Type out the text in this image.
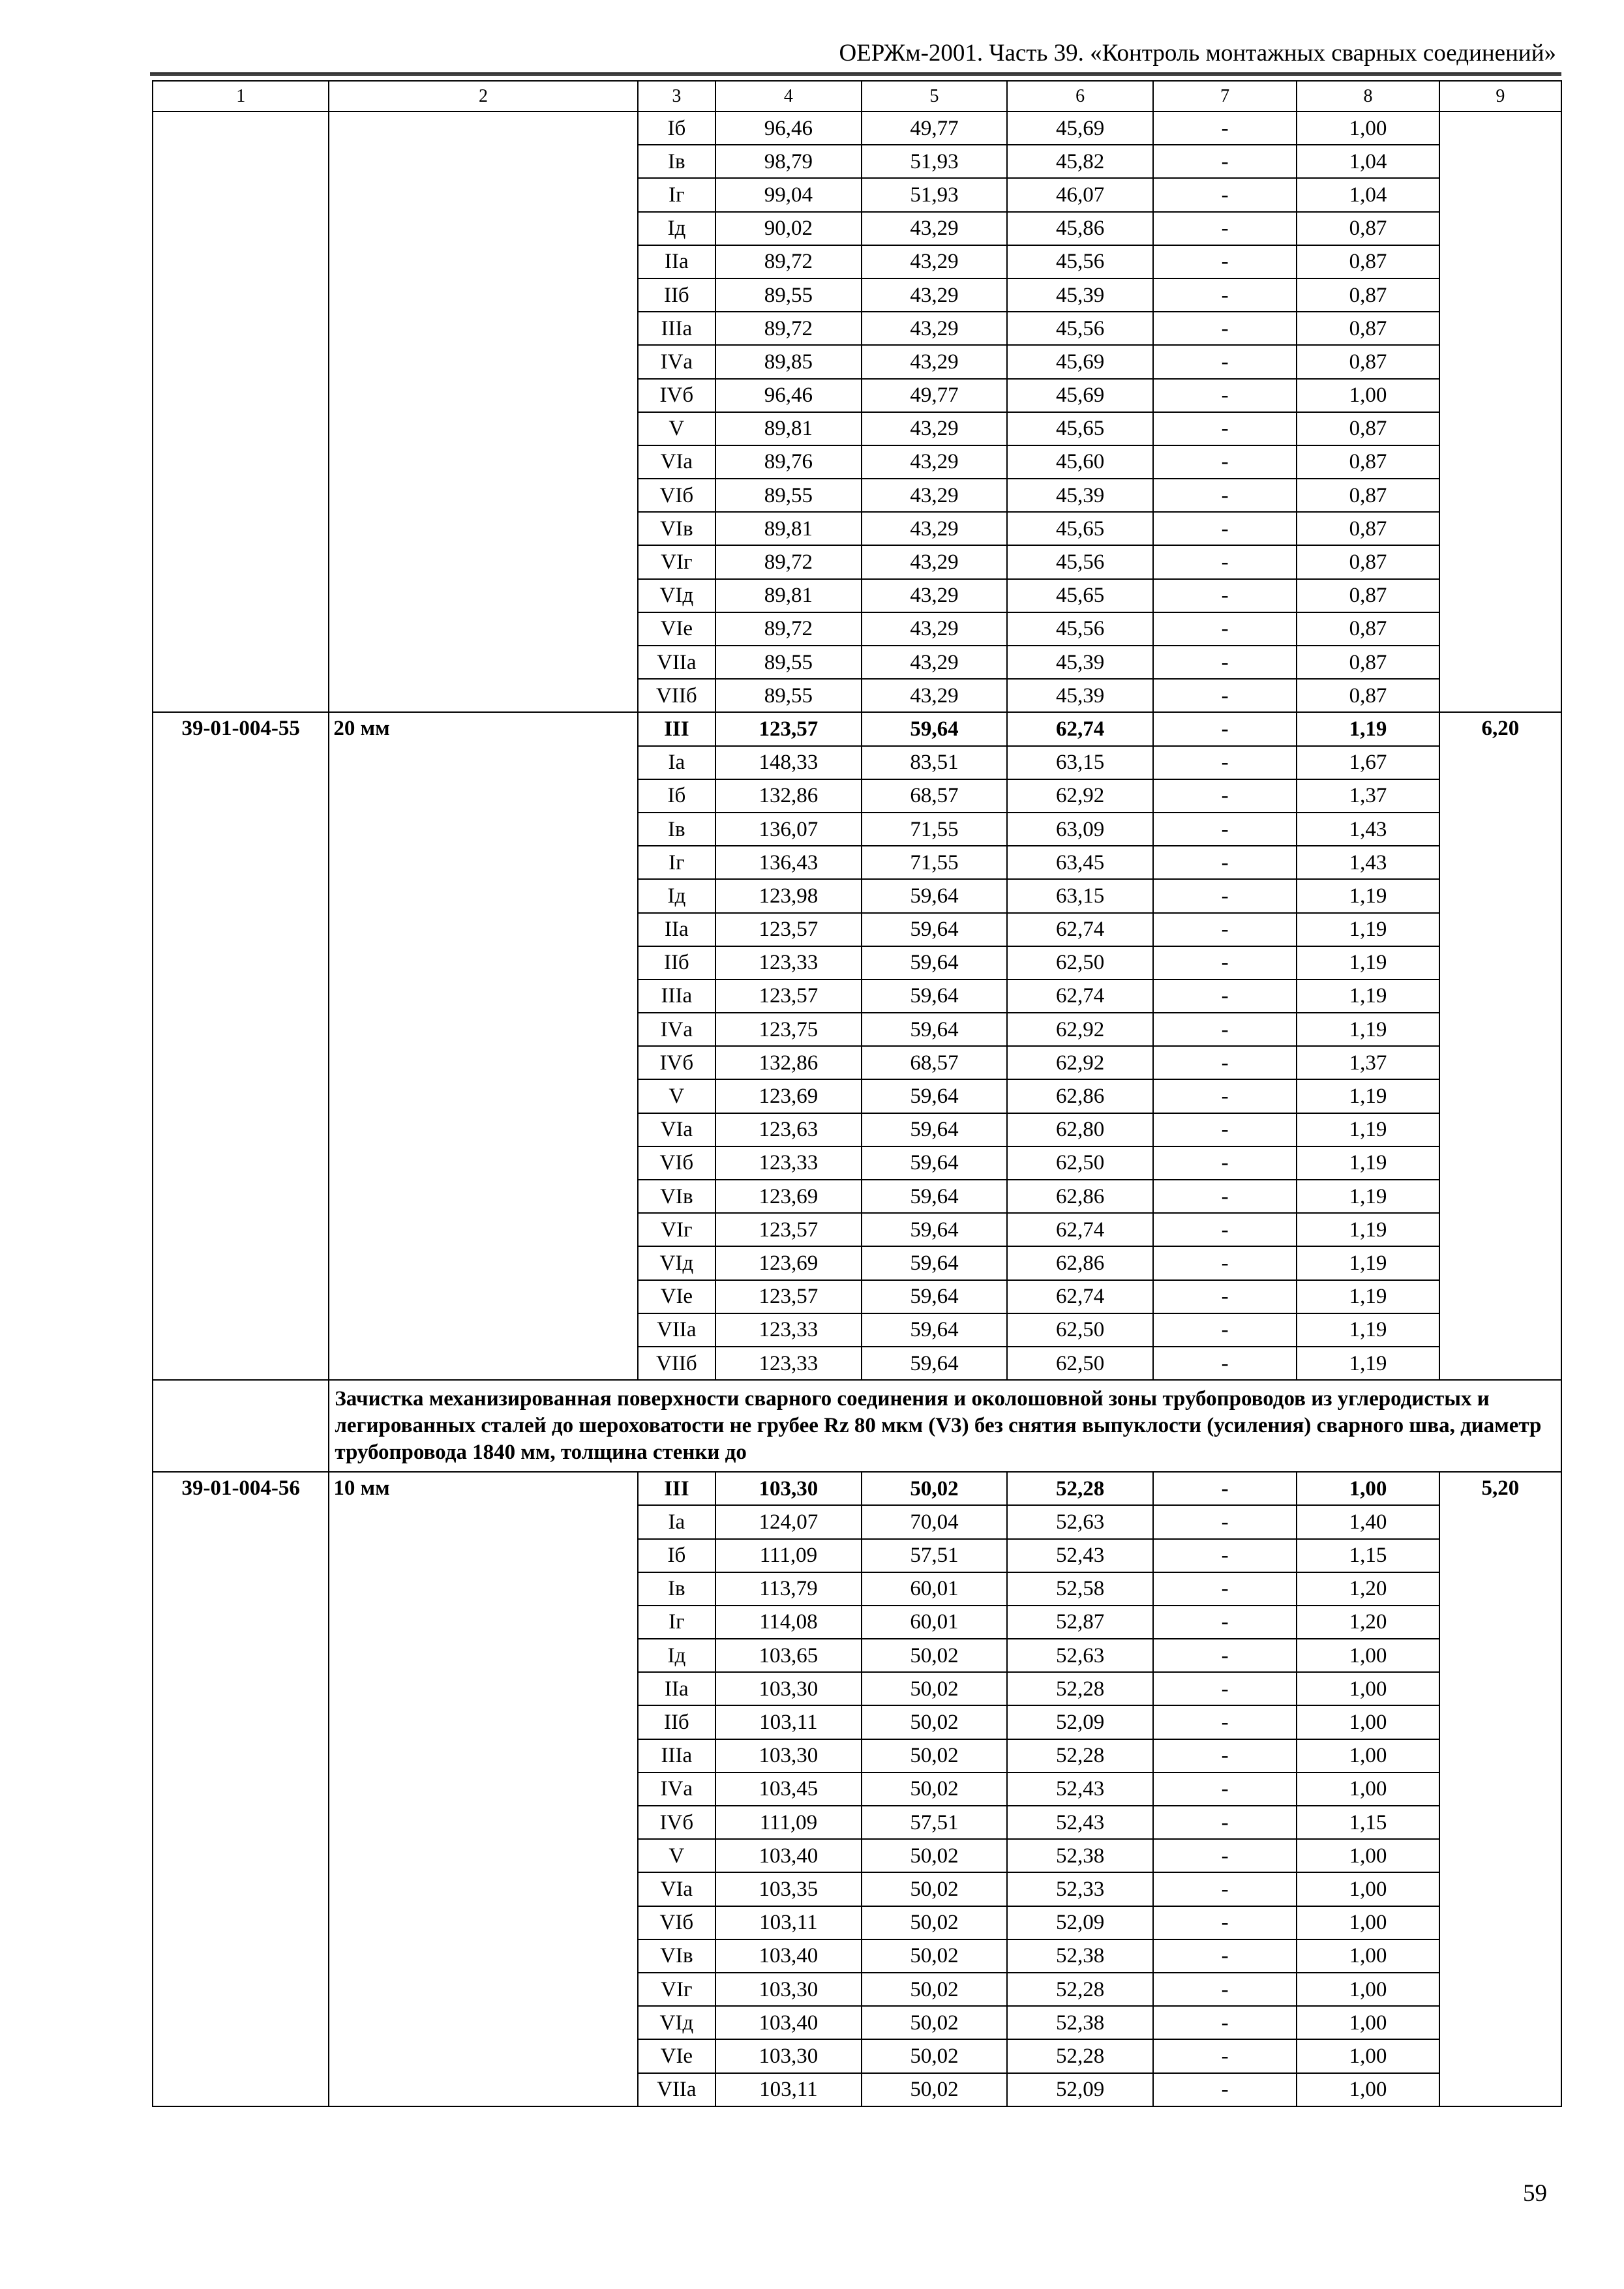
ОЕРЖм-2001. Часть 39. «Контроль монтажных сварных соединений»
1	2	3	4	5	6	7	8	9
		Iб	96,46	49,77	45,69	-	1,00	
		Iв	98,79	51,93	45,82	-	1,04	
		Iг	99,04	51,93	46,07	-	1,04	
		Iд	90,02	43,29	45,86	-	0,87	
		IIа	89,72	43,29	45,56	-	0,87	
		IIб	89,55	43,29	45,39	-	0,87	
		IIIа	89,72	43,29	45,56	-	0,87	
		IVа	89,85	43,29	45,69	-	0,87	
		IVб	96,46	49,77	45,69	-	1,00	
		V	89,81	43,29	45,65	-	0,87	
		VIа	89,76	43,29	45,60	-	0,87	
		VIб	89,55	43,29	45,39	-	0,87	
		VIв	89,81	43,29	45,65	-	0,87	
		VIг	89,72	43,29	45,56	-	0,87	
		VIд	89,81	43,29	45,65	-	0,87	
		VIе	89,72	43,29	45,56	-	0,87	
		VIIа	89,55	43,29	45,39	-	0,87	
		VIIб	89,55	43,29	45,39	-	0,87	
39-01-004-55	20 мм	III	123,57	59,64	62,74	-	1,19	6,20
		Iа	148,33	83,51	63,15	-	1,67	
		Iб	132,86	68,57	62,92	-	1,37	
		Iв	136,07	71,55	63,09	-	1,43	
		Iг	136,43	71,55	63,45	-	1,43	
		Iд	123,98	59,64	63,15	-	1,19	
		IIа	123,57	59,64	62,74	-	1,19	
		IIб	123,33	59,64	62,50	-	1,19	
		IIIа	123,57	59,64	62,74	-	1,19	
		IVа	123,75	59,64	62,92	-	1,19	
		IVб	132,86	68,57	62,92	-	1,37	
		V	123,69	59,64	62,86	-	1,19	
		VIа	123,63	59,64	62,80	-	1,19	
		VIб	123,33	59,64	62,50	-	1,19	
		VIв	123,69	59,64	62,86	-	1,19	
		VIг	123,57	59,64	62,74	-	1,19	
		VIд	123,69	59,64	62,86	-	1,19	
		VIе	123,57	59,64	62,74	-	1,19	
		VIIа	123,33	59,64	62,50	-	1,19	
		VIIб	123,33	59,64	62,50	-	1,19	
	Зачистка механизированная поверхности сварного соединения и околошовной зоны трубопроводов из углеродистых и легированных сталей до шероховатости не грубее Rz 80 мкм (V3) без снятия выпуклости (усиления) сварного шва, диаметр трубопровода 1840 мм, толщина стенки до							
39-01-004-56	10 мм	III	103,30	50,02	52,28	-	1,00	5,20
		Iа	124,07	70,04	52,63	-	1,40	
		Iб	111,09	57,51	52,43	-	1,15	
		Iв	113,79	60,01	52,58	-	1,20	
		Iг	114,08	60,01	52,87	-	1,20	
		Iд	103,65	50,02	52,63	-	1,00	
		IIа	103,30	50,02	52,28	-	1,00	
		IIб	103,11	50,02	52,09	-	1,00	
		IIIа	103,30	50,02	52,28	-	1,00	
		IVа	103,45	50,02	52,43	-	1,00	
		IVб	111,09	57,51	52,43	-	1,15	
		V	103,40	50,02	52,38	-	1,00	
		VIа	103,35	50,02	52,33	-	1,00	
		VIб	103,11	50,02	52,09	-	1,00	
		VIв	103,40	50,02	52,38	-	1,00	
		VIг	103,30	50,02	52,28	-	1,00	
		VIд	103,40	50,02	52,38	-	1,00	
		VIе	103,30	50,02	52,28	-	1,00	
		VIIа	103,11	50,02	52,09	-	1,00	
59
